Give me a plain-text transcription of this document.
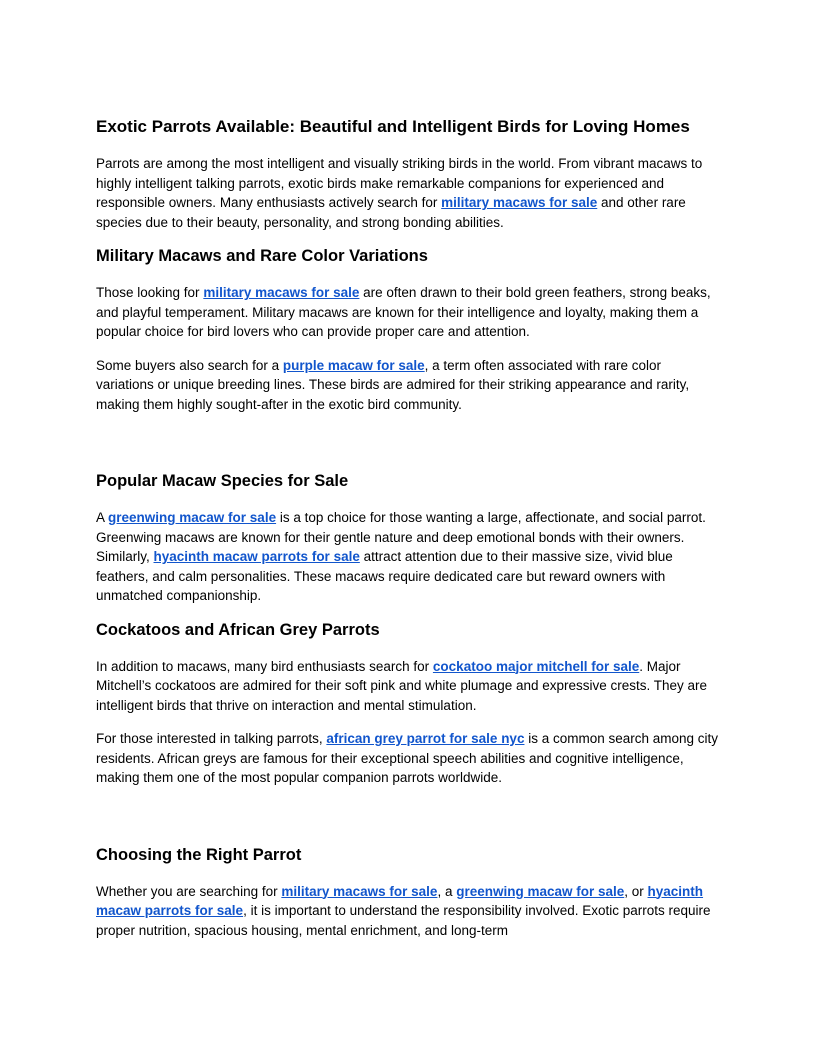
Exotic Parrots Available: Beautiful and Intelligent Birds for Loving Homes

Parrots are among the most intelligent and visually striking birds in the world. From vibrant macaws to highly intelligent talking parrots, exotic birds make remarkable companions for experienced and responsible owners. Many enthusiasts actively search for military macaws for sale and other rare species due to their beauty, personality, and strong bonding abilities.

Military Macaws and Rare Color Variations

Those looking for military macaws for sale are often drawn to their bold green feathers, strong beaks, and playful temperament. Military macaws are known for their intelligence and loyalty, making them a popular choice for bird lovers who can provide proper care and attention.

Some buyers also search for a purple macaw for sale, a term often associated with rare color variations or unique breeding lines. These birds are admired for their striking appearance and rarity, making them highly sought-after in the exotic bird community.

Popular Macaw Species for Sale

A greenwing macaw for sale is a top choice for those wanting a large, affectionate, and social parrot. Greenwing macaws are known for their gentle nature and deep emotional bonds with their owners. Similarly, hyacinth macaw parrots for sale attract attention due to their massive size, vivid blue feathers, and calm personalities. These macaws require dedicated care but reward owners with unmatched companionship.

Cockatoos and African Grey Parrots

In addition to macaws, many bird enthusiasts search for cockatoo major mitchell for sale. Major Mitchell’s cockatoos are admired for their soft pink and white plumage and expressive crests. They are intelligent birds that thrive on interaction and mental stimulation.

For those interested in talking parrots, african grey parrot for sale nyc is a common search among city residents. African greys are famous for their exceptional speech abilities and cognitive intelligence, making them one of the most popular companion parrots worldwide.

Choosing the Right Parrot

Whether you are searching for military macaws for sale, a greenwing macaw for sale, or hyacinth macaw parrots for sale, it is important to understand the responsibility involved. Exotic parrots require proper nutrition, spacious housing, mental enrichment, and long-term
